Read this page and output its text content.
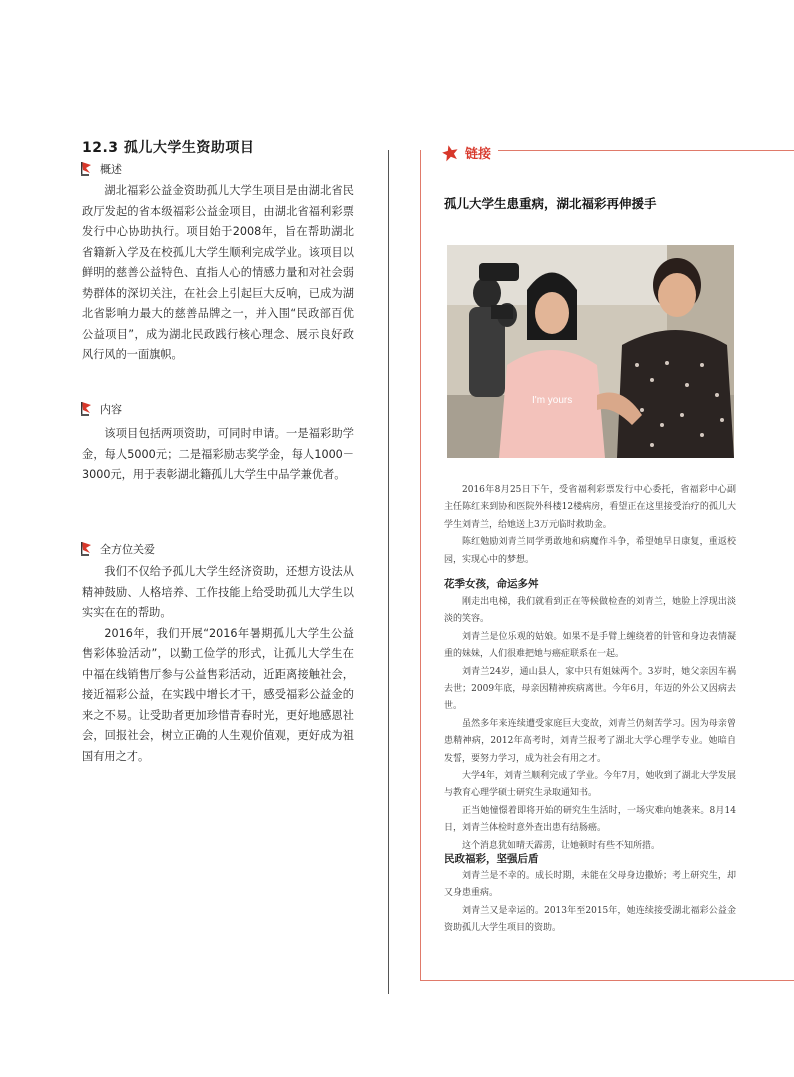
12.3 孤儿大学生资助项目
概述

湖北福彩公益金资助孤儿大学生项目是由湖北省民政厅发起的省本级福彩公益金项目，由湖北省福利彩票发行中心协助执行。项目始于2008年，旨在帮助湖北省籍新入学及在校孤儿大学生顺利完成学业。该项目以鲜明的慈善公益特色、直指人心的情感力量和对社会弱势群体的深切关注，在社会上引起巨大反响，已成为湖北省影响力最大的慈善品牌之一，并入围“民政部百优公益项目”，成为湖北民政践行核心理念、展示良好政风行风的一面旗帜。

内容

该项目包括两项资助，可同时申请。一是福彩助学金，每人5000元；二是福彩励志奖学金，每人1000－3000元，用于表彰湖北籍孤儿大学生中品学兼优者。

全方位关爱

我们不仅给予孤儿大学生经济资助，还想方设法从精神鼓励、人格培养、工作技能上给受助孤儿大学生以实实在在的帮助。

2016年，我们开展“2016年暑期孤儿大学生公益售彩体验活动”，以勤工俭学的形式，让孤儿大学生在中福在线销售厅参与公益售彩活动，近距离接触社会，接近福彩公益，在实践中增长才干，感受福彩公益金的来之不易。让受助者更加珍惜青春时光，更好地感恩社会，回报社会，树立正确的人生观价值观，更好成为祖国有用之才。

链接
孤儿大学生患重病，湖北福彩再伸援手
I'm yours

2016年8月25日下午，受省福利彩票发行中心委托，省福彩中心副主任陈红来到协和医院外科楼12楼病房，看望正在这里接受治疗的孤儿大学生刘青兰，给她送上3万元临时救助金。

陈红勉励刘青兰同学勇敢地和病魔作斗争，希望她早日康复，重返校园，实现心中的梦想。

花季女孩，命运多舛

刚走出电梯，我们就看到正在等候做检查的刘青兰，她脸上浮现出淡淡的笑容。

刘青兰是位乐观的姑娘。如果不是手臂上缠绕着的针管和身边表情凝重的妹妹，人们很难把她与癌症联系在一起。

刘青兰24岁，通山县人，家中只有姐妹两个。3岁时，她父亲因车祸去世；2009年底，母亲因精神疾病离世。今年6月，年迈的外公又因病去世。

虽然多年来连续遭受家庭巨大变故，刘青兰仍刻苦学习。因为母亲曾患精神病，2012年高考时，刘青兰报考了湖北大学心理学专业。她暗自发誓，要努力学习，成为社会有用之才。

大学4年，刘青兰顺利完成了学业。今年7月，她收到了湖北大学发展与教育心理学硕士研究生录取通知书。

正当她憧憬着即将开始的研究生生活时，一场灾难向她袭来。8月14日，刘青兰体检时意外查出患有结肠癌。

这个消息犹如晴天霹雳，让她顿时有些不知所措。

民政福彩，坚强后盾

刘青兰是不幸的。成长时期，未能在父母身边撒娇；考上研究生，却又身患重病。

刘青兰又是幸运的。2013年至2015年，她连续接受湖北福彩公益金资助孤儿大学生项目的资助。
